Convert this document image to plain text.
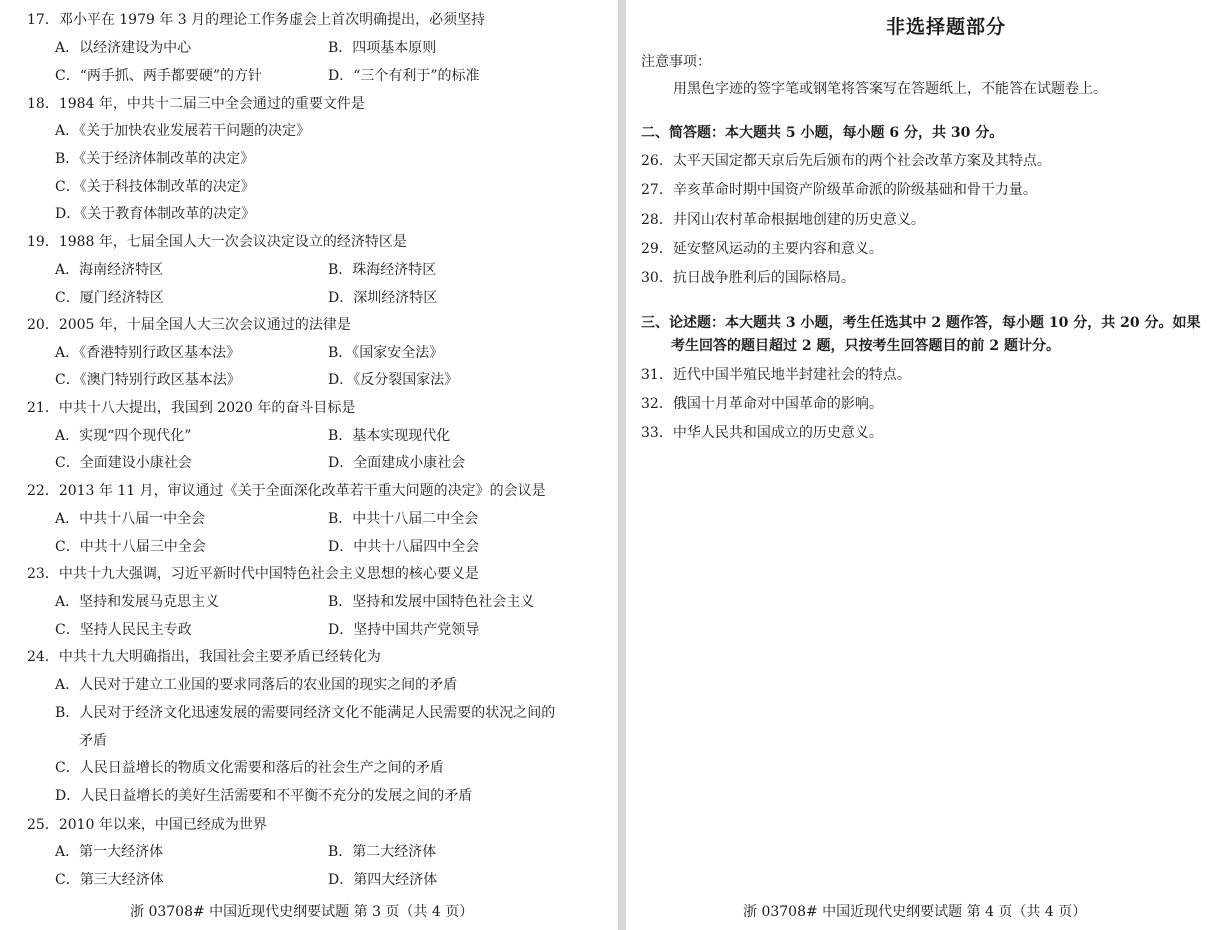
17．邓小平在 1979 年 3 月的理论工作务虚会上首次明确提出，必须坚持
A．以经济建设为中心	B．四项基本原则
C．“两手抓、两手都要硬”的方针	D．“三个有利于”的标准
18．1984 年，中共十二届三中全会通过的重要文件是
A．《关于加快农业发展若干问题的决定》
B．《关于经济体制改革的决定》
C．《关于科技体制改革的决定》
D．《关于教育体制改革的决定》
19．1988 年，七届全国人大一次会议决定设立的经济特区是
A．海南经济特区	B．珠海经济特区
C．厦门经济特区	D．深圳经济特区
20．2005 年，十届全国人大三次会议通过的法律是
A．《香港特别行政区基本法》	B．《国家安全法》
C．《澳门特别行政区基本法》	D．《反分裂国家法》
21．中共十八大提出，我国到 2020 年的奋斗目标是
A．实现“四个现代化”	B．基本实现现代化
C．全面建设小康社会	D．全面建成小康社会
22．2013 年 11 月，审议通过《关于全面深化改革若干重大问题的决定》的会议是
A．中共十八届一中全会	B．中共十八届二中全会
C．中共十八届三中全会	D．中共十八届四中全会
23．中共十九大强调，习近平新时代中国特色社会主义思想的核心要义是
A．坚持和发展马克思主义	B．坚持和发展中国特色社会主义
C．坚持人民民主专政	D．坚持中国共产党领导
24．中共十九大明确指出，我国社会主要矛盾已经转化为
A．人民对于建立工业国的要求同落后的农业国的现实之间的矛盾
B．人民对于经济文化迅速发展的需要同经济文化不能满足人民需要的状况之间的
矛盾
C．人民日益增长的物质文化需要和落后的社会生产之间的矛盾
D．人民日益增长的美好生活需要和不平衡不充分的发展之间的矛盾
25．2010 年以来，中国已经成为世界
A．第一大经济体	B．第二大经济体
C．第三大经济体	D．第四大经济体
浙 03708# 中国近现代史纲要试题 第 3 页（共 4 页）
非选择题部分
注意事项：
用黑色字迹的签字笔或钢笔将答案写在答题纸上，不能答在试题卷上。
二、简答题：本大题共 5 小题，每小题 6 分，共 30 分。
26．太平天国定都天京后先后颁布的两个社会改革方案及其特点。
27．辛亥革命时期中国资产阶级革命派的阶级基础和骨干力量。
28．井冈山农村革命根据地创建的历史意义。
29．延安整风运动的主要内容和意义。
30．抗日战争胜利后的国际格局。
三、论述题：本大题共 3 小题，考生任选其中 2 题作答，每小题 10 分，共 20 分。如果
考生回答的题目超过 2 题，只按考生回答题目的前 2 题计分。
31．近代中国半殖民地半封建社会的特点。
32．俄国十月革命对中国革命的影响。
33．中华人民共和国成立的历史意义。
浙 03708# 中国近现代史纲要试题 第 4 页（共 4 页）
